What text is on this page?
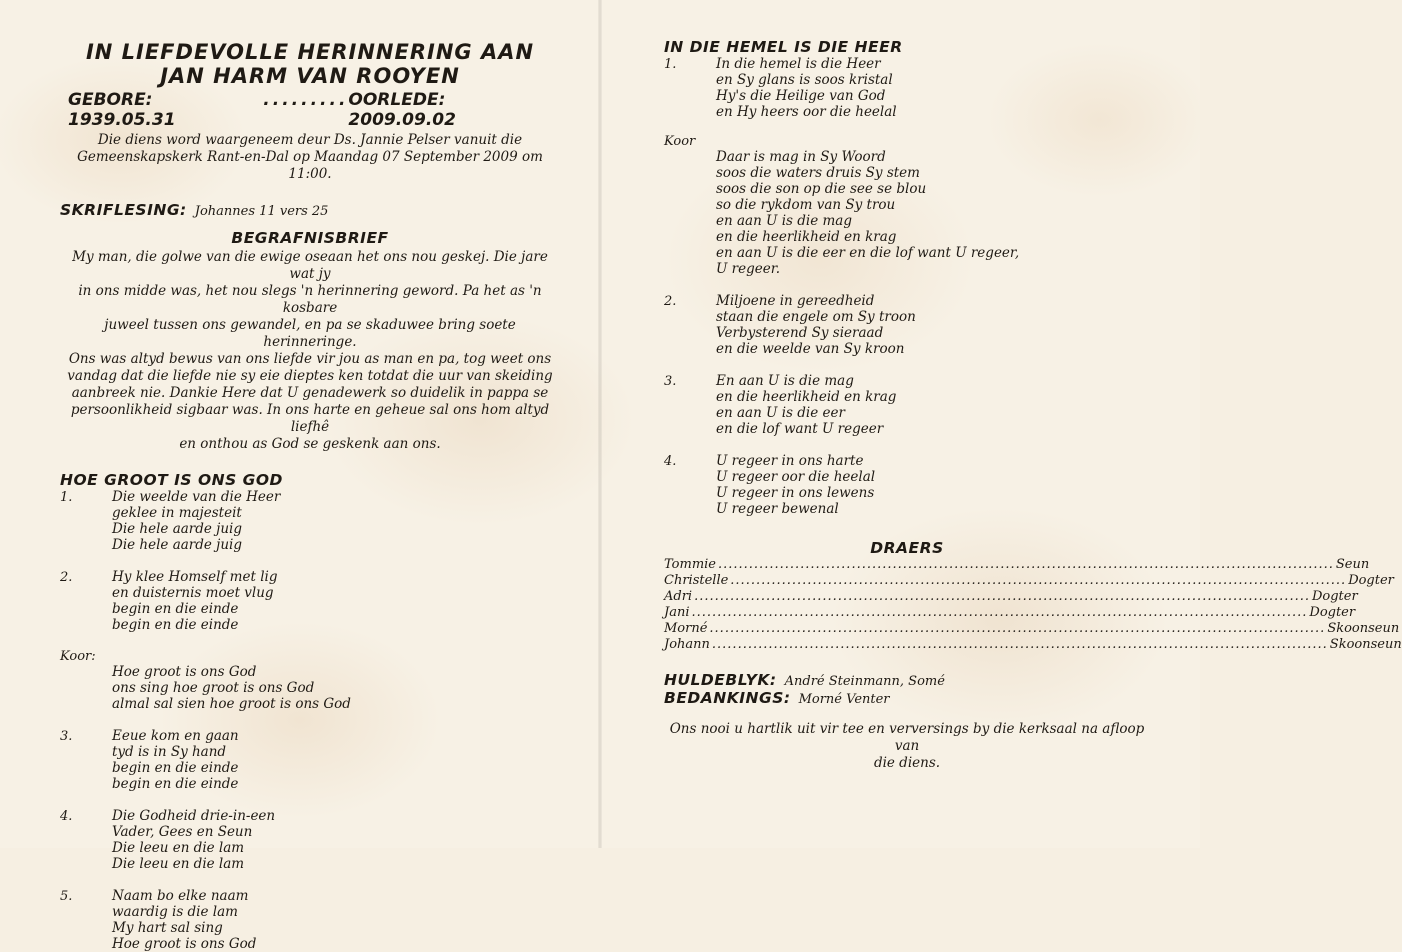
IN LIEFDEVOLLE HERINNERING AAN
JAN HARM VAN ROOYEN
GEBORE: 1939.05.31
......... OORLEDE: 2009.09.02
Die diens word waargeneem deur Ds. Jannie Pelser vanuit die
Gemeenskapskerk Rant-en-Dal op Maandag 07 September 2009 om 11:00.
SKRIFLESING: Johannes 11 vers 25
BEGRAFNISBRIEF
My man, die golwe van die ewige oseaan het ons nou geskej. Die jare wat jy
in ons midde was, het nou slegs 'n herinnering geword. Pa het as 'n kosbare
juweel tussen ons gewandel, en pa se skaduwee bring soete herinneringe.
Ons was altyd bewus van ons liefde vir jou as man en pa, tog weet ons
vandag dat die liefde nie sy eie dieptes ken totdat die uur van skeiding
aanbreek nie. Dankie Here dat U genadewerk so duidelik in pappa se
persoonlikheid sigbaar was. In ons harte en geheue sal ons hom altyd liefhê
en onthou as God se geskenk aan ons.
HOE GROOT IS ONS GOD
1.	Die weelde van die Heer
geklee in majesteit
Die hele aarde juig
Die hele aarde juig
2.	Hy klee Homself met lig
en duisternis moet vlug
begin en die einde
begin en die einde
Koor:
Hoe groot is ons God
ons sing hoe groot is ons God
almal sal sien hoe groot is ons God
3.	Eeue kom en gaan
tyd is in Sy hand
begin en die einde
begin en die einde
4.	Die Godheid drie-in-een
Vader, Gees en Seun
Die leeu en die lam
Die leeu en die lam
5.	Naam bo elke naam
waardig is die lam
My hart sal sing
Hoe groot is ons God
IN DIE HEMEL IS DIE HEER
1.	In die hemel is die Heer
en Sy glans is soos kristal
Hy's die Heilige van God
en Hy heers oor die heelal
Koor
Daar is mag in Sy Woord
soos die waters druis Sy stem
soos die son op die see se blou
so die rykdom van Sy trou
en aan U is die mag
en die heerlikheid en krag
en aan U is die eer en die lof want U regeer,
U regeer.
2.	Miljoene in gereedheid
staan die engele om Sy troon
Verbysterend Sy sieraad
en die weelde van Sy kroon
3.	En aan U is die mag
en die heerlikheid en krag
en aan U is die eer
en die lof want U regeer
4.	U regeer in ons harte
U regeer oor die heelal
U regeer in ons lewens
U regeer bewenal
DRAERS
Tommie ........................................................................................................................ Seun
Christelle ........................................................................................................................ Dogter
Adri ........................................................................................................................ Dogter
Jani ........................................................................................................................ Dogter
Morné ........................................................................................................................ Skoonseun
Johann ........................................................................................................................ Skoonseun
HULDEBLYK: André Steinmann, Somé
BEDANKINGS: Morné Venter
Ons nooi u hartlik uit vir tee en verversings by die kerksaal na afloop van
die diens.
